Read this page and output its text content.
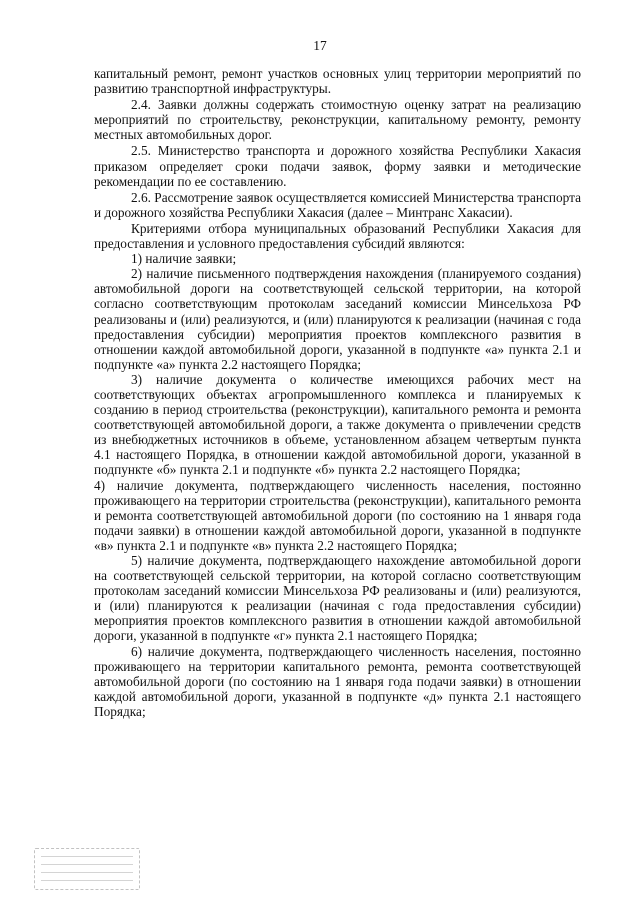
17

капитальный ремонт, ремонт участков основных улиц территории мероприятий по развитию транспортной инфраструктуры.

2.4. Заявки должны содержать стоимостную оценку затрат на реализацию мероприятий по строительству, реконструкции, капитальному ремонту, ремонту местных автомобильных дорог.

2.5. Министерство транспорта и дорожного хозяйства Республики Хакасия приказом определяет сроки подачи заявок, форму заявки и методические рекомендации по ее составлению.

2.6. Рассмотрение заявок осуществляется комиссией Министерства транспорта и дорожного хозяйства Республики Хакасия (далее – Минтранс Хакасии).

Критериями отбора муниципальных образований Республики Хакасия для предоставления и условного предоставления субсидий являются:

1) наличие заявки;

2) наличие письменного подтверждения нахождения (планируемого создания) автомобильной дороги на соответствующей сельской территории, на которой согласно соответствующим протоколам заседаний комиссии Минсельхоза РФ реализованы и (или) реализуются, и (или) планируются к реализации (начиная с года предоставления субсидии) мероприятия проектов комплексного развития в отношении каждой автомобильной дороги, указанной в подпункте «а» пункта 2.1 и подпункте «а» пункта 2.2 настоящего Порядка;

3) наличие документа о количестве имеющихся рабочих мест на соответствующих объектах агропромышленного комплекса и планируемых к созданию в период строительства (реконструкции), капитального ремонта и ремонта соответствующей автомобильной дороги, а также документа о привлечении средств из внебюджетных источников в объеме, установленном абзацем четвертым пункта 4.1 настоящего Порядка, в отношении каждой автомобильной дороги, указанной в подпункте «б» пункта 2.1 и подпункте «б» пункта 2.2 настоящего Порядка;

4) наличие документа, подтверждающего численность населения, постоянно проживающего на территории строительства (реконструкции), капитального ремонта и ремонта соответствующей автомобильной дороги (по состоянию на 1 января года подачи заявки) в отношении каждой автомобильной дороги, указанной в подпункте «в» пункта 2.1 и подпункте «в» пункта 2.2 настоящего Порядка;

5) наличие документа, подтверждающего нахождение автомобильной дороги на соответствующей сельской территории, на которой согласно соответствующим протоколам заседаний комиссии Минсельхоза РФ реализованы и (или) реализуются, и (или) планируются к реализации (начиная с года предоставления субсидии) мероприятия проектов комплексного развития в отношении каждой автомобильной дороги, указанной в подпункте «г» пункта 2.1 настоящего Порядка;

6) наличие документа, подтверждающего численность населения, постоянно проживающего на территории капитального ремонта, ремонта соответствующей автомобильной дороги (по состоянию на 1 января года подачи заявки) в отношении каждой автомобильной дороги, указанной в подпункте «д» пункта 2.1 настоящего Порядка;
